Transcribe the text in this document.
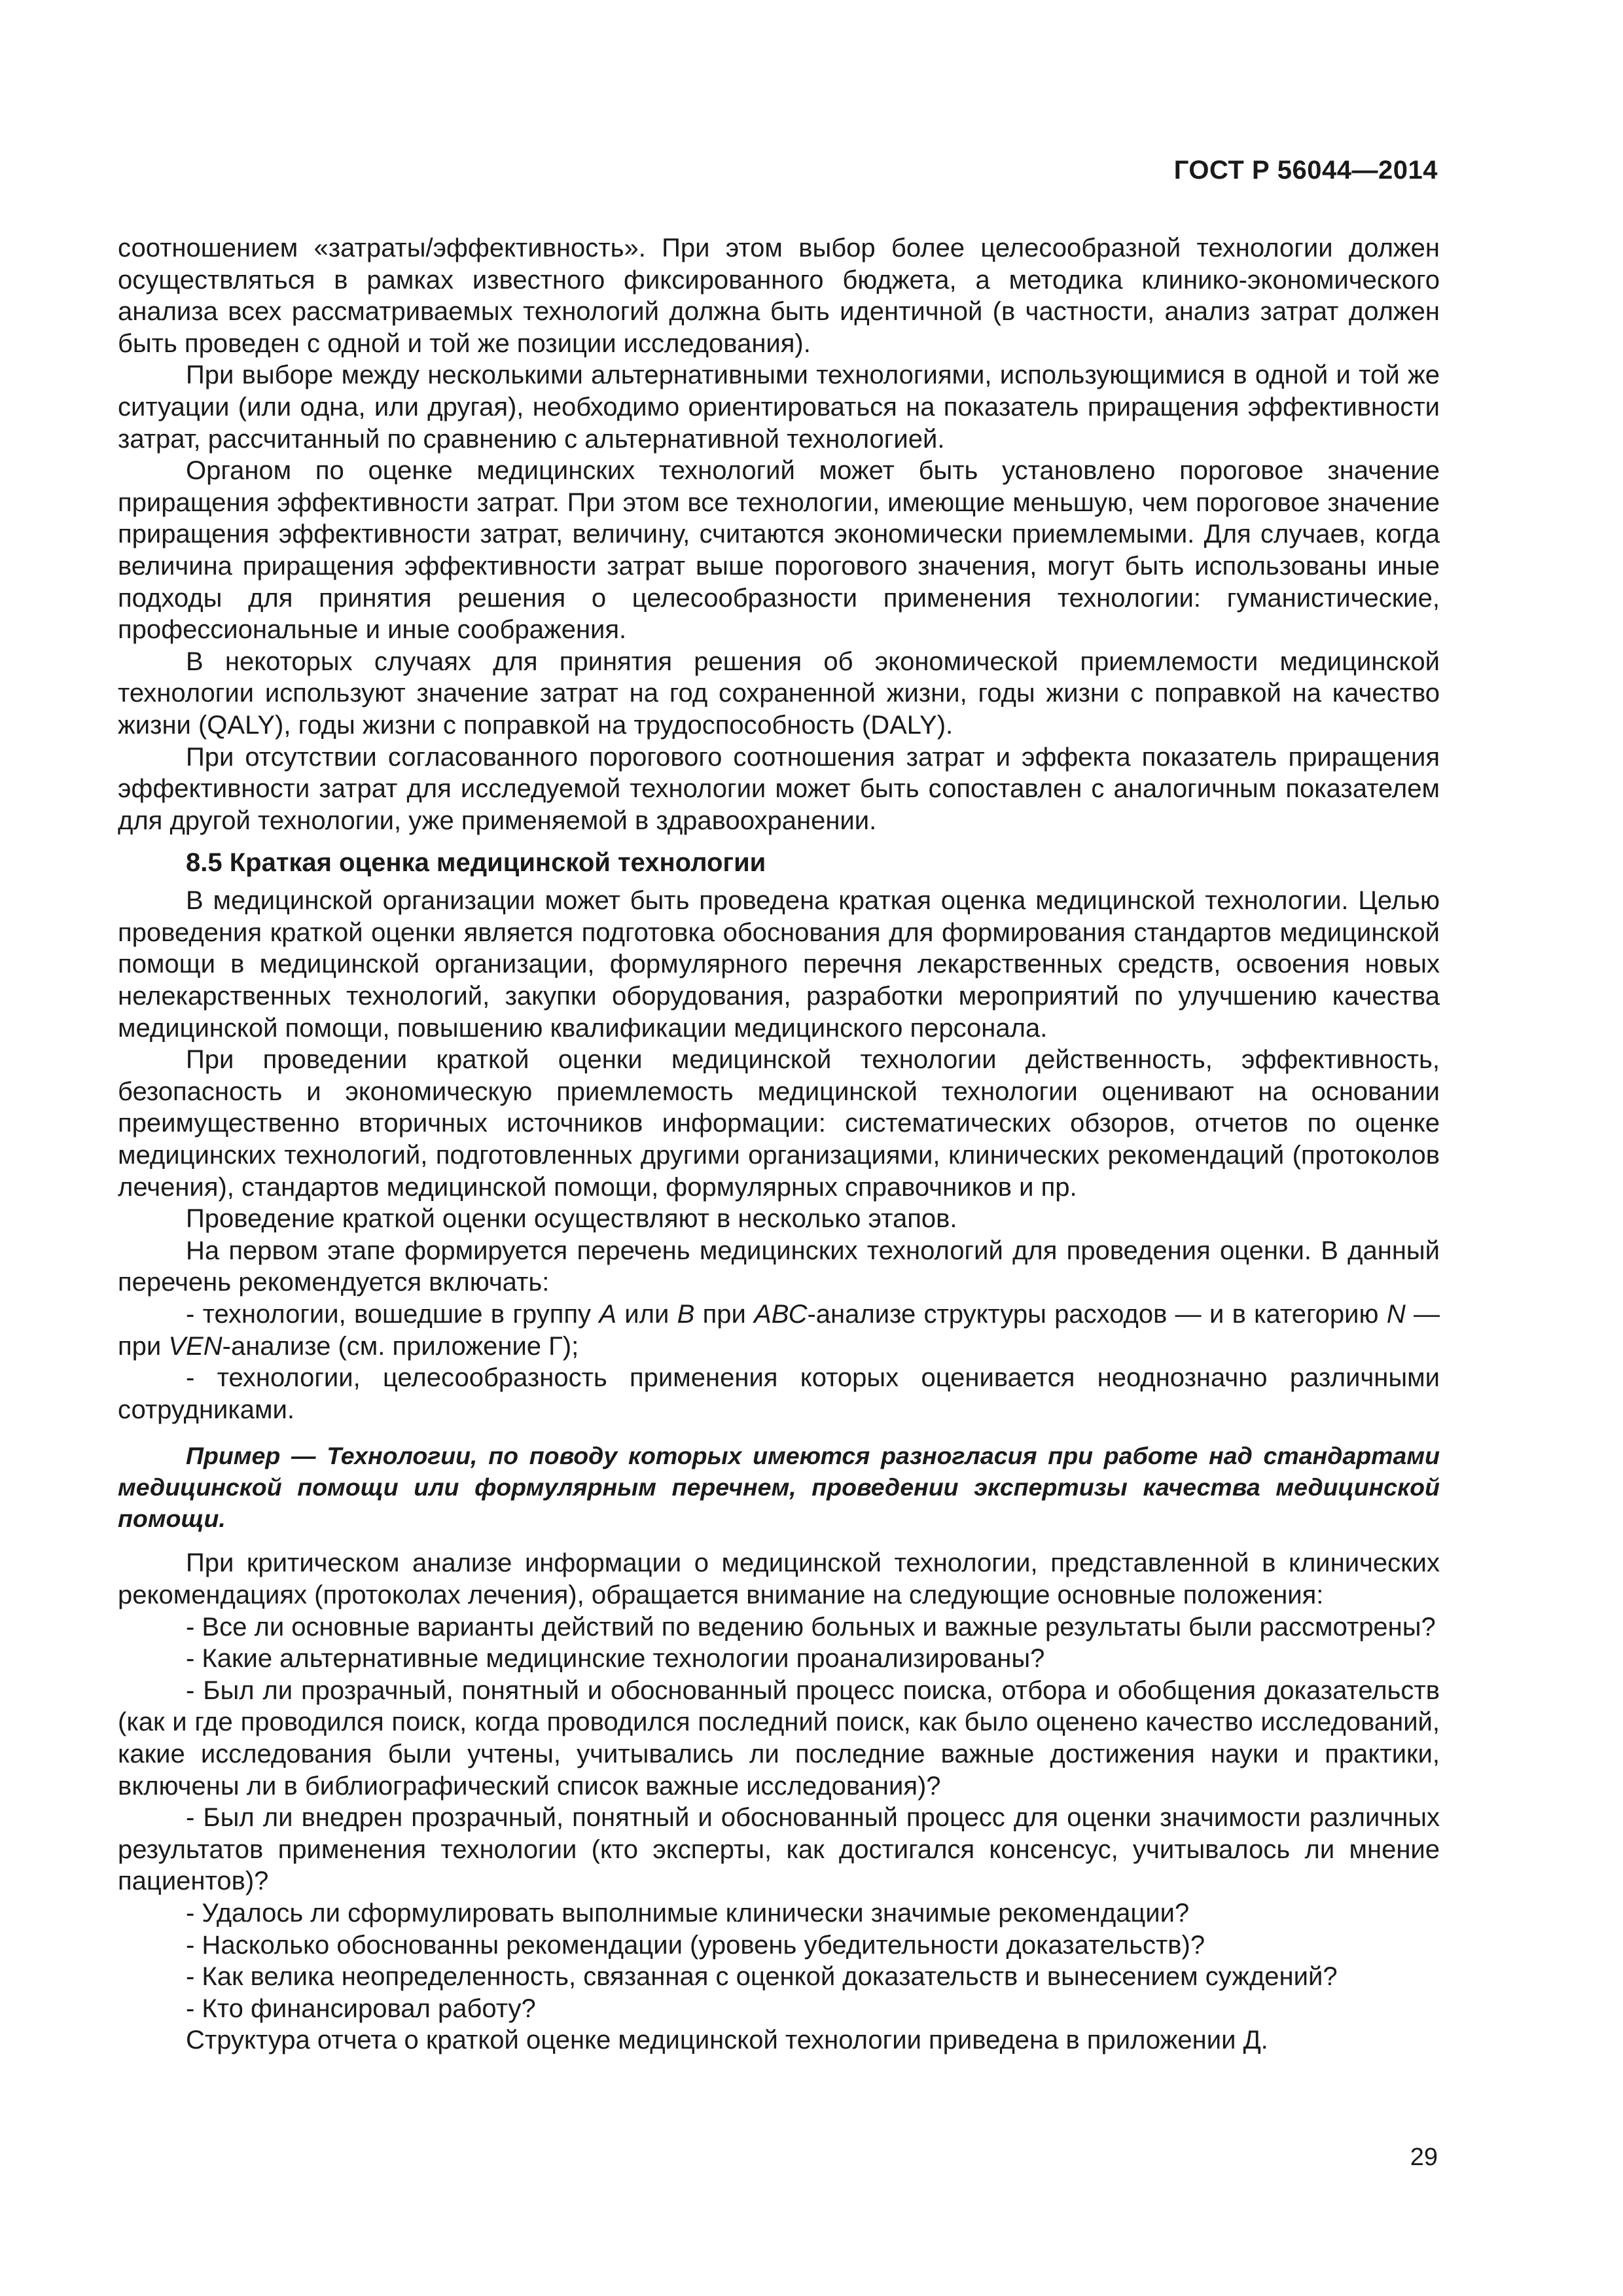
ГОСТ Р 56044—2014

соотношением «затраты/эффективность». При этом выбор более целесообразной технологии должен осуществляться в рамках известного фиксированного бюджета, а методика клинико-экономического анализа всех рассматриваемых технологий должна быть идентичной (в частности, анализ затрат должен быть проведен с одной и той же позиции исследования).

При выборе между несколькими альтернативными технологиями, использующимися в одной и той же ситуации (или одна, или другая), необходимо ориентироваться на показатель приращения эффективности затрат, рассчитанный по сравнению с альтернативной технологией.

Органом по оценке медицинских технологий может быть установлено пороговое значение приращения эффективности затрат. При этом все технологии, имеющие меньшую, чем пороговое значение приращения эффективности затрат, величину, считаются экономически приемлемыми. Для случаев, когда величина приращения эффективности затрат выше порогового значения, могут быть использованы иные подходы для принятия решения о целесообразности применения технологии: гуманистические, профессиональные и иные соображения.

В некоторых случаях для принятия решения об экономической приемлемости медицинской технологии используют значение затрат на год сохраненной жизни, годы жизни с поправкой на качество жизни (QALY), годы жизни с поправкой на трудоспособность (DALY).

При отсутствии согласованного порогового соотношения затрат и эффекта показатель приращения эффективности затрат для исследуемой технологии может быть сопоставлен с аналогичным показателем для другой технологии, уже применяемой в здравоохранении.

8.5 Краткая оценка медицинской технологии

В медицинской организации может быть проведена краткая оценка медицинской технологии. Целью проведения краткой оценки является подготовка обоснования для формирования стандартов медицинской помощи в медицинской организации, формулярного перечня лекарственных средств, освоения новых нелекарственных технологий, закупки оборудования, разработки мероприятий по улучшению качества медицинской помощи, повышению квалификации медицинского персонала.

При проведении краткой оценки медицинской технологии действенность, эффективность, безопасность и экономическую приемлемость медицинской технологии оценивают на основании преимущественно вторичных источников информации: систематических обзоров, отчетов по оценке медицинских технологий, подготовленных другими организациями, клинических рекомендаций (протоколов лечения), стандартов медицинской помощи, формулярных справочников и пр.

Проведение краткой оценки осуществляют в несколько этапов.

На первом этапе формируется перечень медицинских технологий для проведения оценки. В данный перечень рекомендуется включать:

- технологии, вошедшие в группу А или В при АВС-анализе структуры расходов — и в категорию N — при VEN-анализе (см. приложение Г);

- технологии, целесообразность применения которых оценивается неоднозначно различными сотрудниками.

Пример — Технологии, по поводу которых имеются разногласия при работе над стандартами медицинской помощи или формулярным перечнем, проведении экспертизы качества медицинской помощи.

При критическом анализе информации о медицинской технологии, представленной в клинических рекомендациях (протоколах лечения), обращается внимание на следующие основные положения:

- Все ли основные варианты действий по ведению больных и важные результаты были рассмотрены?

- Какие альтернативные медицинские технологии проанализированы?

- Был ли прозрачный, понятный и обоснованный процесс поиска, отбора и обобщения доказательств (как и где проводился поиск, когда проводился последний поиск, как было оценено качество исследований, какие исследования были учтены, учитывались ли последние важные достижения науки и практики, включены ли в библиографический список важные исследования)?

- Был ли внедрен прозрачный, понятный и обоснованный процесс для оценки значимости различных результатов применения технологии (кто эксперты, как достигался консенсус, учитывалось ли мнение пациентов)?

- Удалось ли сформулировать выполнимые клинически значимые рекомендации?

- Насколько обоснованны рекомендации (уровень убедительности доказательств)?

- Как велика неопределенность, связанная с оценкой доказательств и вынесением суждений?

- Кто финансировал работу?

Структура отчета о краткой оценке медицинской технологии приведена в приложении Д.

29
